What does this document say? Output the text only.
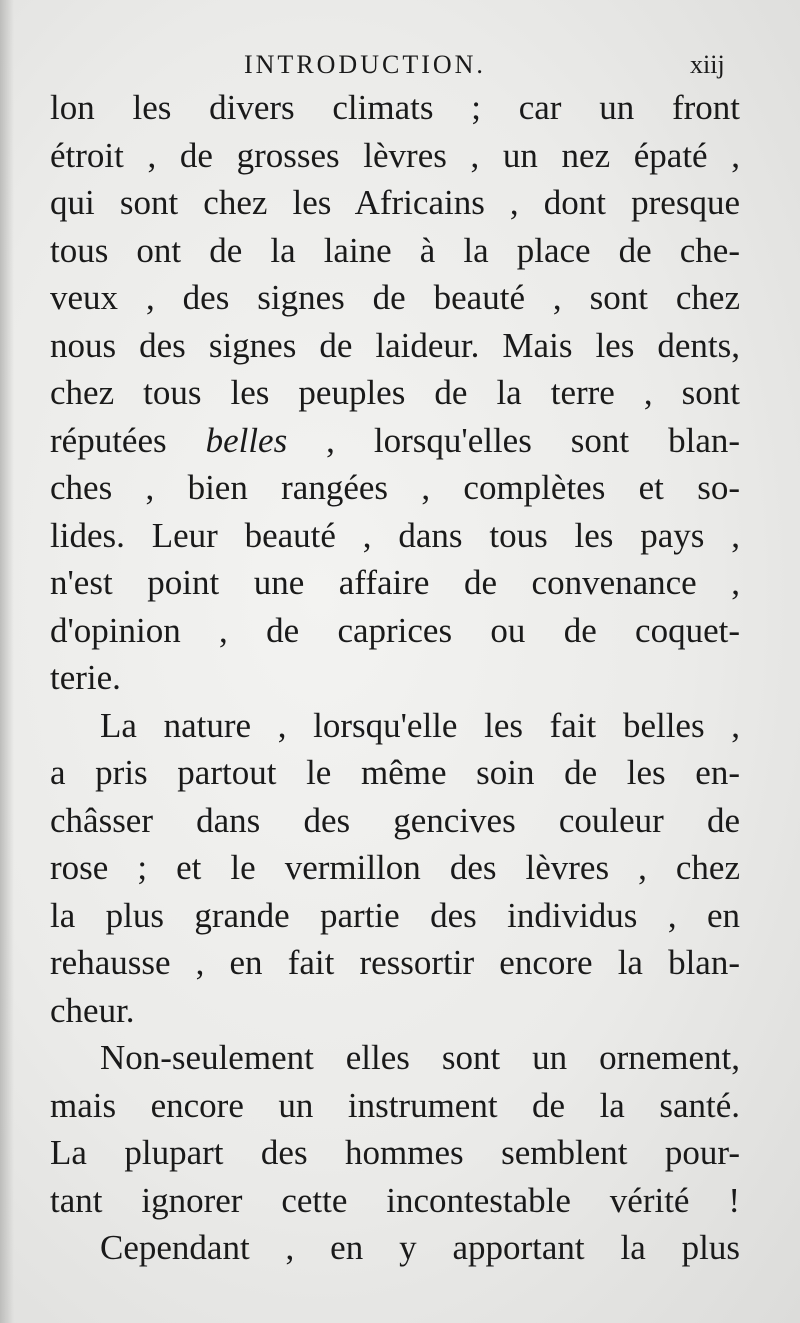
INTRODUCTION.	xiij
lon les divers climats ; car un front
étroit , de grosses lèvres , un nez épaté ,
qui sont chez les Africains , dont presque
tous ont de la laine à la place de che-
veux , des signes de beauté , sont chez
nous des signes de laideur. Mais les dents,
chez tous les peuples de la terre , sont
réputées belles , lorsqu'elles sont blan-
ches , bien rangées , complètes et so-
lides. Leur beauté , dans tous les pays ,
n'est point une affaire de convenance ,
d'opinion , de caprices ou de coquet-
terie.
La nature , lorsqu'elle les fait belles ,
a pris partout le même soin de les en-
châsser dans des gencives couleur de
rose ; et le vermillon des lèvres , chez
la plus grande partie des individus , en
rehausse , en fait ressortir encore la blan-
cheur.
Non-seulement elles sont un ornement,
mais encore un instrument de la santé.
La plupart des hommes semblent pour-
tant ignorer cette incontestable vérité !
Cependant , en y apportant la plus
